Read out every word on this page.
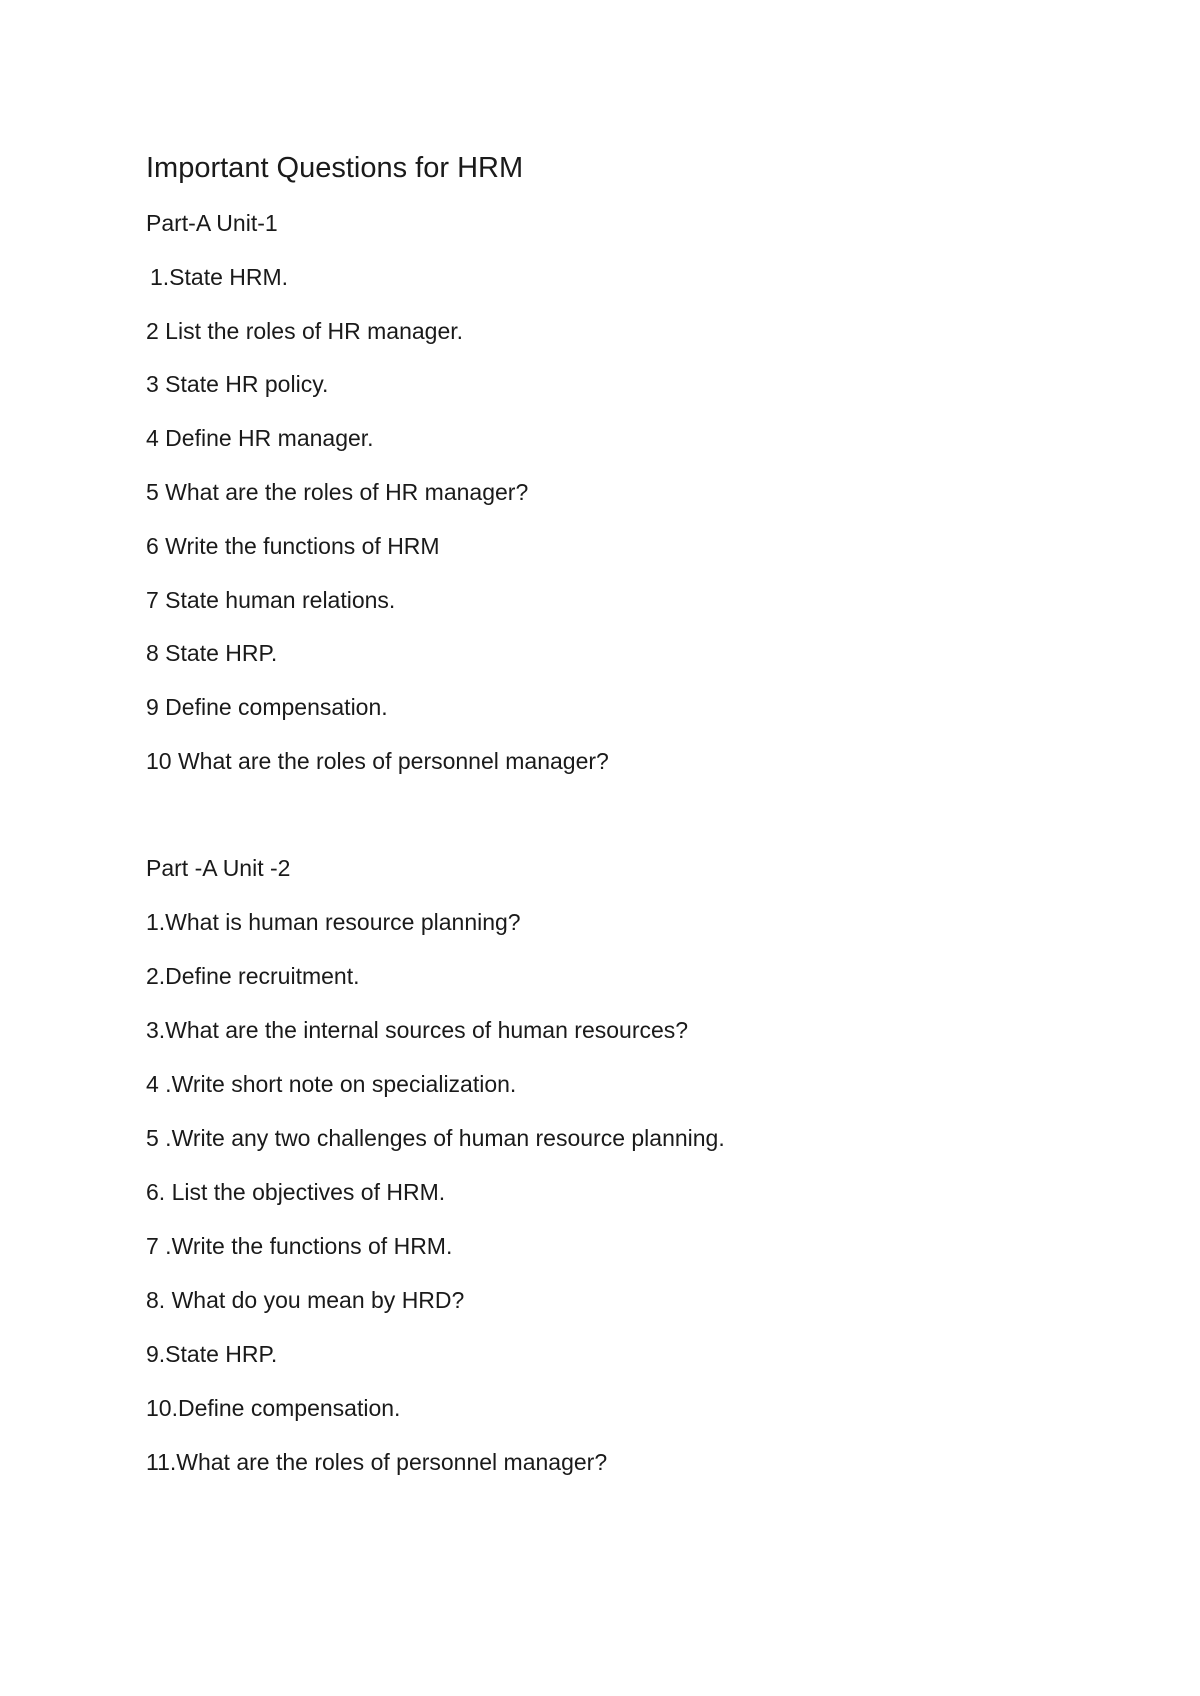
Important Questions for HRM
Part-A Unit-1
1.State HRM.
2 List the roles of HR manager.
3 State HR policy.
4 Define HR manager.
5 What are the roles of HR manager?
6 Write the functions of HRM
7 State human relations.
8 State HRP.
9 Define compensation.
10 What are the roles of personnel manager?
Part -A Unit -2
1.What is human resource planning?
2.Define recruitment.
3.What are the internal sources of human resources?
4 .Write short note on specialization.
5 .Write any two challenges of human resource planning.
6. List the objectives of HRM.
7 .Write the functions of HRM.
8. What do you mean by HRD?
9.State HRP.
10.Define compensation.
11.What are the roles of personnel manager?
